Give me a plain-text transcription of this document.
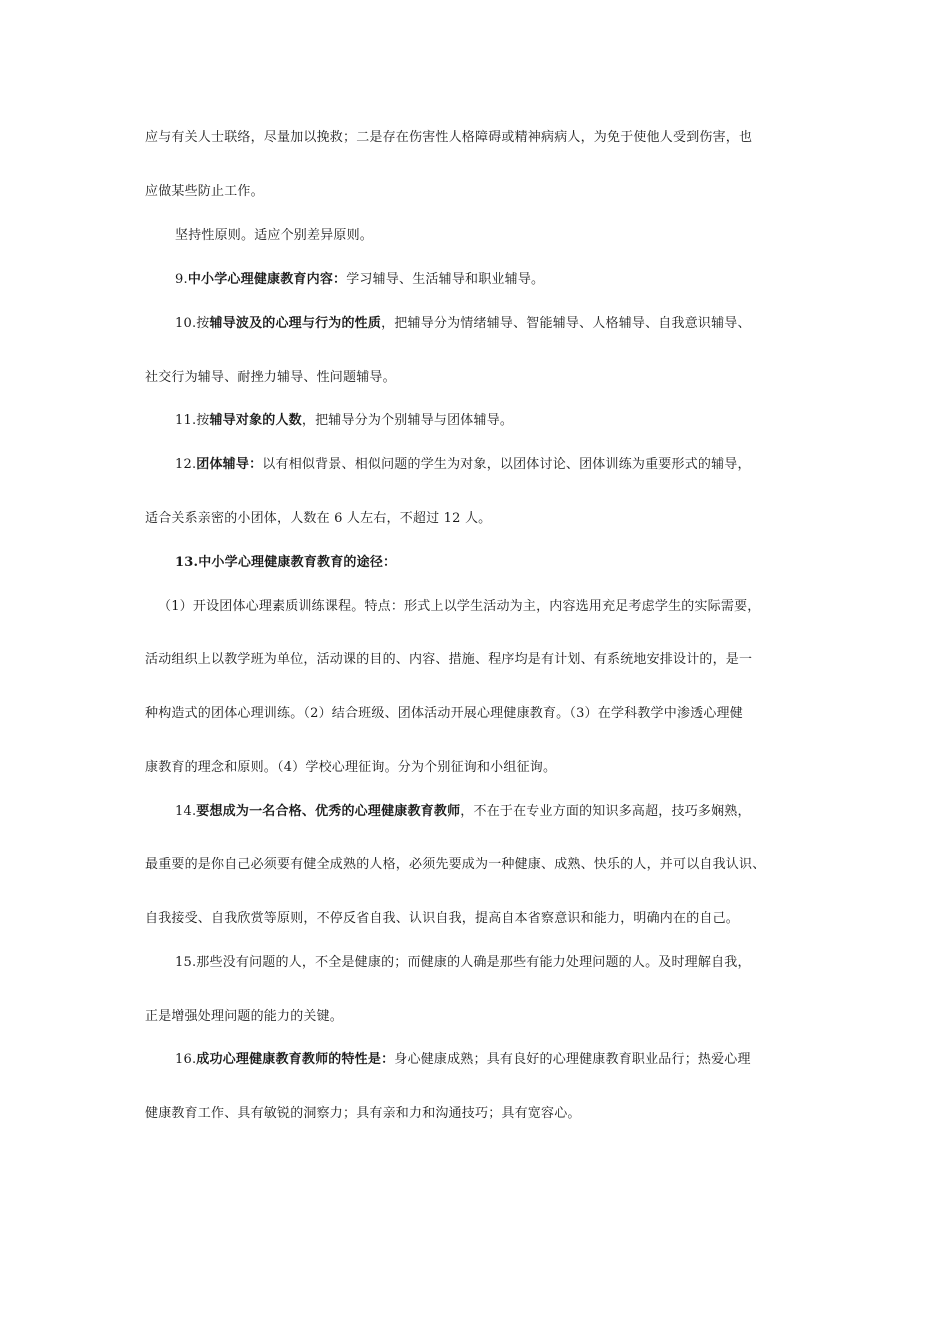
应与有关人士联络，尽量加以挽救；二是存在伤害性人格障碍或精神病病人，为免于使他人受到伤害，也
应做某些防止工作。
坚持性原则。适应个别差异原则。
9.中小学心理健康教育内容：学习辅导、生活辅导和职业辅导。
10.按辅导波及的心理与行为的性质，把辅导分为情绪辅导、智能辅导、人格辅导、自我意识辅导、
社交行为辅导、耐挫力辅导、性问题辅导。
11.按辅导对象的人数，把辅导分为个别辅导与团体辅导。
12.团体辅导：以有相似背景、相似问题的学生为对象，以团体讨论、团体训练为重要形式的辅导，
适合关系亲密的小团体，人数在 6 人左右，不超过 12 人。
13.中小学心理健康教育教育的途径：
（1）开设团体心理素质训练课程。特点：形式上以学生活动为主，内容选用充足考虑学生的实际需要，
活动组织上以教学班为单位，活动课的目的、内容、措施、程序均是有计划、有系统地安排设计的，是一
种构造式的团体心理训练。（2）结合班级、团体活动开展心理健康教育。（3）在学科教学中渗透心理健
康教育的理念和原则。（4）学校心理征询。分为个别征询和小组征询。
14.要想成为一名合格、优秀的心理健康教育教师，不在于在专业方面的知识多高超，技巧多娴熟，
最重要的是你自己必须要有健全成熟的人格，必须先要成为一种健康、成熟、快乐的人，并可以自我认识、
自我接受、自我欣赏等原则，不停反省自我、认识自我，提高自本省察意识和能力，明确内在的自己。
15.那些没有问题的人，不全是健康的；而健康的人确是那些有能力处理问题的人。及时理解自我，
正是增强处理问题的能力的关键。
16.成功心理健康教育教师的特性是：身心健康成熟；具有良好的心理健康教育职业品行；热爱心理
健康教育工作、具有敏锐的洞察力；具有亲和力和沟通技巧；具有宽容心。
